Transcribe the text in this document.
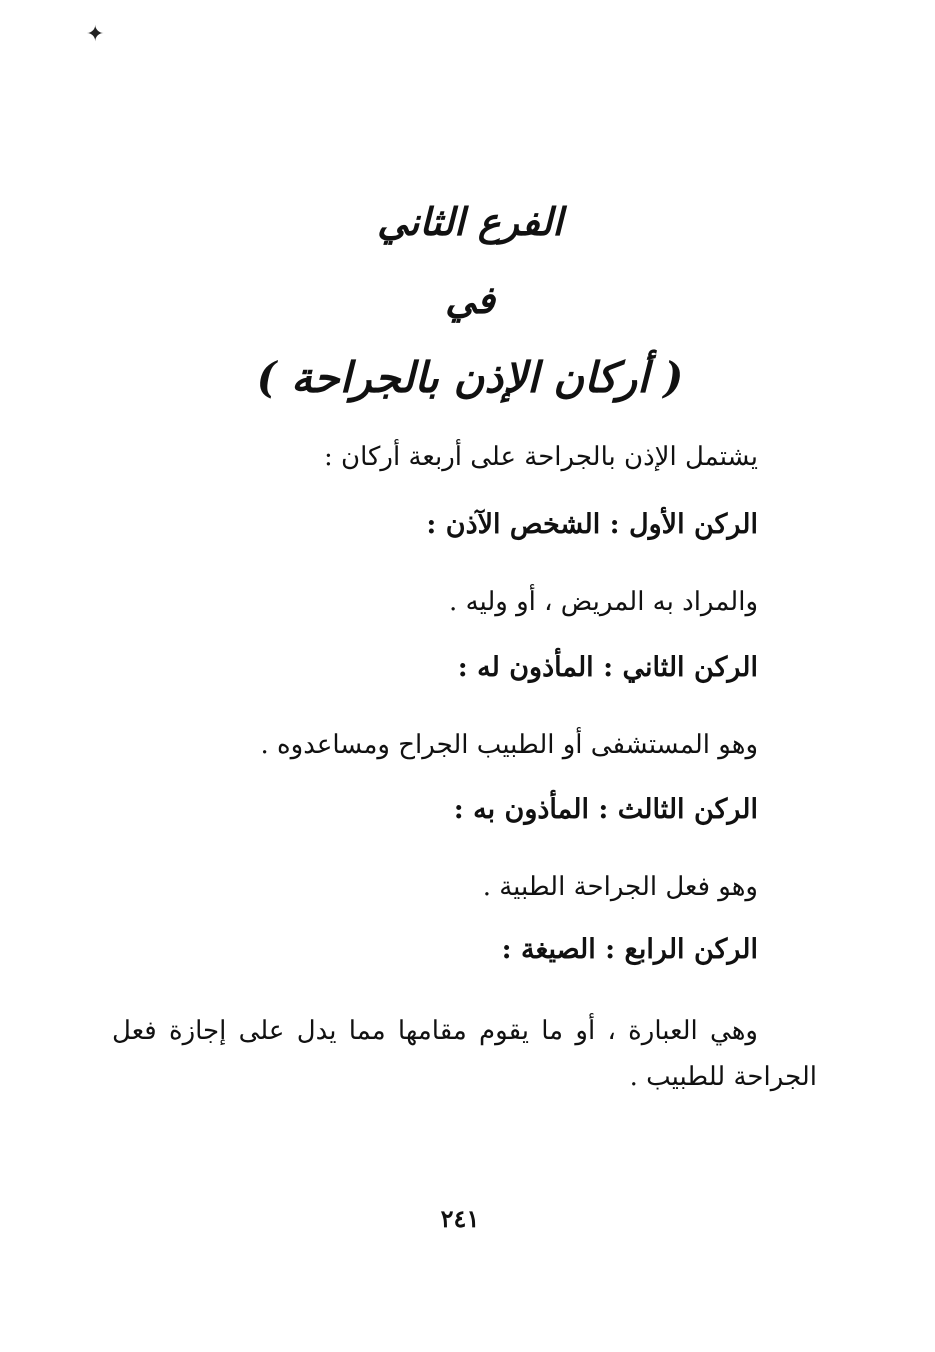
✦
الفرع الثاني
في
( أركان الإذن بالجراحة )
يشتمل الإذن بالجراحة على أربعة أركان :
الركن الأول : الشخص الآذن :
والمراد به المريض ، أو وليه .
الركن الثاني : المأذون له :
وهو المستشفى أو الطبيب الجراح ومساعدوه .
الركن الثالث : المأذون به :
وهو فعل الجراحة الطبية .
الركن الرابع : الصيغة :
وهي العبارة ، أو ما يقوم مقامها مما يدل على إجازة فعل الجراحة للطبيب .
٢٤١
